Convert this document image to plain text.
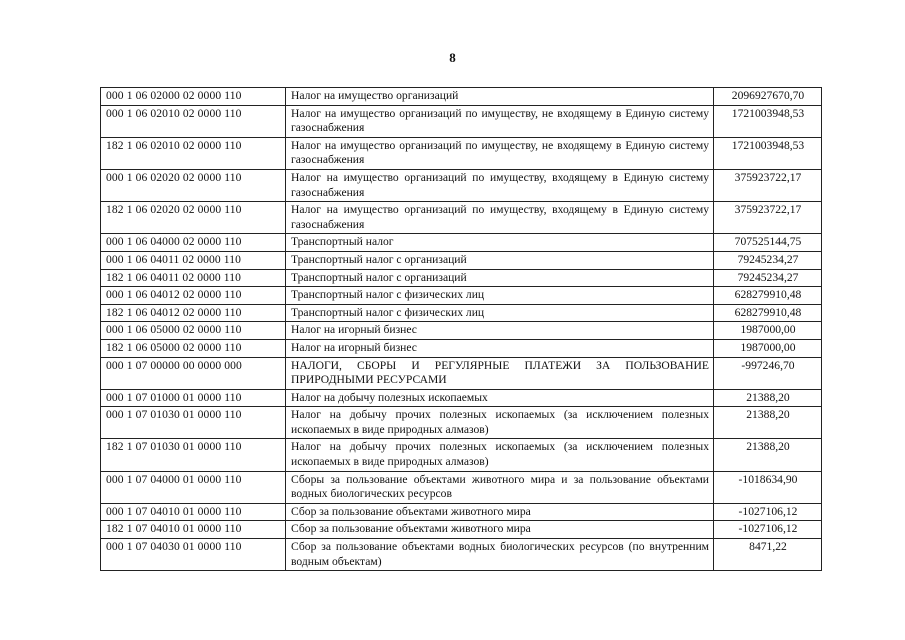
8
000 1 06 02000 02 0000 110	Налог на имущество организаций	2096927670,70
000 1 06 02010 02 0000 110	Налог на имущество организаций по имуществу, не входящему в Единую систему газоснабжения	1721003948,53
182 1 06 02010 02 0000 110	Налог на имущество организаций по имуществу, не входящему в Единую систему газоснабжения	1721003948,53
000 1 06 02020 02 0000 110	Налог на имущество организаций по имуществу, входящему в Единую систему газоснабжения	375923722,17
182 1 06 02020 02 0000 110	Налог на имущество организаций по имуществу, входящему в Единую систему газоснабжения	375923722,17
000 1 06 04000 02 0000 110	Транспортный налог	707525144,75
000 1 06 04011 02 0000 110	Транспортный налог с организаций	79245234,27
182 1 06 04011 02 0000 110	Транспортный налог с организаций	79245234,27
000 1 06 04012 02 0000 110	Транспортный налог с физических лиц	628279910,48
182 1 06 04012 02 0000 110	Транспортный налог с физических лиц	628279910,48
000 1 06 05000 02 0000 110	Налог на игорный бизнес	1987000,00
182 1 06 05000 02 0000 110	Налог на игорный бизнес	1987000,00
000 1 07 00000 00 0000 000	НАЛОГИ, СБОРЫ И РЕГУЛЯРНЫЕ ПЛАТЕЖИ ЗА ПОЛЬЗОВАНИЕ ПРИРОДНЫМИ РЕСУРСАМИ	-997246,70
000 1 07 01000 01 0000 110	Налог на добычу полезных ископаемых	21388,20
000 1 07 01030 01 0000 110	Налог на добычу прочих полезных ископаемых (за исключением полезных ископаемых в виде природных алмазов)	21388,20
182 1 07 01030 01 0000 110	Налог на добычу прочих полезных ископаемых (за исключением полезных ископаемых в виде природных алмазов)	21388,20
000 1 07 04000 01 0000 110	Сборы за пользование объектами животного мира и за пользование объектами водных биологических ресурсов	-1018634,90
000 1 07 04010 01 0000 110	Сбор за пользование объектами животного мира	-1027106,12
182 1 07 04010 01 0000 110	Сбор за пользование объектами животного мира	-1027106,12
000 1 07 04030 01 0000 110	Сбор за пользование объектами водных биологических ресурсов (по внутренним водным объектам)	8471,22
